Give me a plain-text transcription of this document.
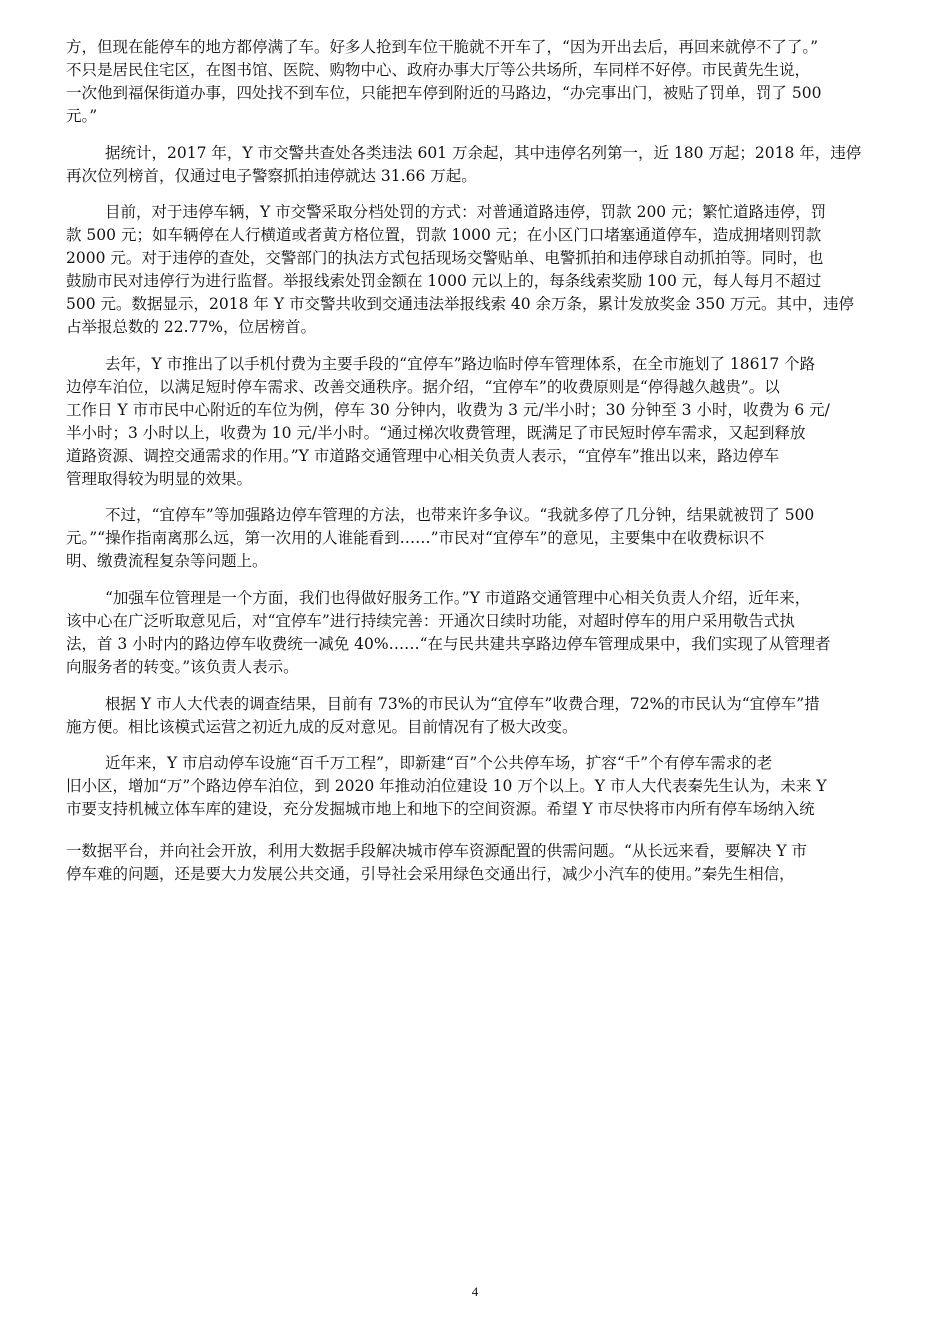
方，但现在能停车的地方都停满了车。好多人抢到车位干脆就不开车了，“因为开出去后，再回来就停不了了。”
不只是居民住宅区，在图书馆、医院、购物中心、政府办事大厅等公共场所，车同样不好停。市民黄先生说，
一次他到福保街道办事，四处找不到车位，只能把车停到附近的马路边，“办完事出门，被贴了罚单，罚了 500
元。”
据统计，2017 年，Y 市交警共查处各类违法 601 万余起，其中违停名列第一，近 180 万起；2018 年，违停
再次位列榜首，仅通过电子警察抓拍违停就达 31.66 万起。
目前，对于违停车辆，Y 市交警采取分档处罚的方式：对普通道路违停，罚款 200 元；繁忙道路违停，罚
款 500 元；如车辆停在人行横道或者黄方格位置，罚款 1000 元；在小区门口堵塞通道停车，造成拥堵则罚款
2000 元。对于违停的查处，交警部门的执法方式包括现场交警贴单、电警抓拍和违停球自动抓拍等。同时，也
鼓励市民对违停行为进行监督。举报线索处罚金额在 1000 元以上的，每条线索奖励 100 元，每人每月不超过
500 元。数据显示，2018 年 Y 市交警共收到交通违法举报线索 40 余万条，累计发放奖金 350 万元。其中，违停
占举报总数的 22.77%，位居榜首。
去年，Y 市推出了以手机付费为主要手段的“宜停车”路边临时停车管理体系，在全市施划了 18617 个路
边停车泊位，以满足短时停车需求、改善交通秩序。据介绍，“宜停车”的收费原则是“停得越久越贵”。以
工作日 Y 市市民中心附近的车位为例，停车 30 分钟内，收费为 3 元/半小时；30 分钟至 3 小时，收费为 6 元/
半小时；3 小时以上，收费为 10 元/半小时。“通过梯次收费管理，既满足了市民短时停车需求，又起到释放
道路资源、调控交通需求的作用。”Y 市道路交通管理中心相关负责人表示，“宜停车”推出以来，路边停车
管理取得较为明显的效果。
不过，“宜停车”等加强路边停车管理的方法，也带来许多争议。“我就多停了几分钟，结果就被罚了 500
元。”“操作指南离那么远，第一次用的人谁能看到……”市民对“宜停车”的意见，主要集中在收费标识不
明、缴费流程复杂等问题上。
“加强车位管理是一个方面，我们也得做好服务工作。”Y 市道路交通管理中心相关负责人介绍，近年来，
该中心在广泛听取意见后，对“宜停车”进行持续完善：开通次日续时功能，对超时停车的用户采用敬告式执
法，首 3 小时内的路边停车收费统一减免 40%……“在与民共建共享路边停车管理成果中，我们实现了从管理者
向服务者的转变。”该负责人表示。
根据 Y 市人大代表的调查结果，目前有 73%的市民认为“宜停车”收费合理，72%的市民认为“宜停车”措
施方便。相比该模式运营之初近九成的反对意见。目前情况有了极大改变。
近年来，Y 市启动停车设施“百千万工程”，即新建“百”个公共停车场，扩容“千”个有停车需求的老
旧小区，增加“万”个路边停车泊位，到 2020 年推动泊位建设 10 万个以上。Y 市人大代表秦先生认为，未来 Y
市要支持机械立体车库的建设，充分发掘城市地上和地下的空间资源。希望 Y 市尽快将市内所有停车场纳入统
一数据平台，并向社会开放，利用大数据手段解决城市停车资源配置的供需问题。“从长远来看，要解决 Y 市
停车难的问题，还是要大力发展公共交通，引导社会采用绿色交通出行，减少小汽车的使用。”秦先生相信，
4
